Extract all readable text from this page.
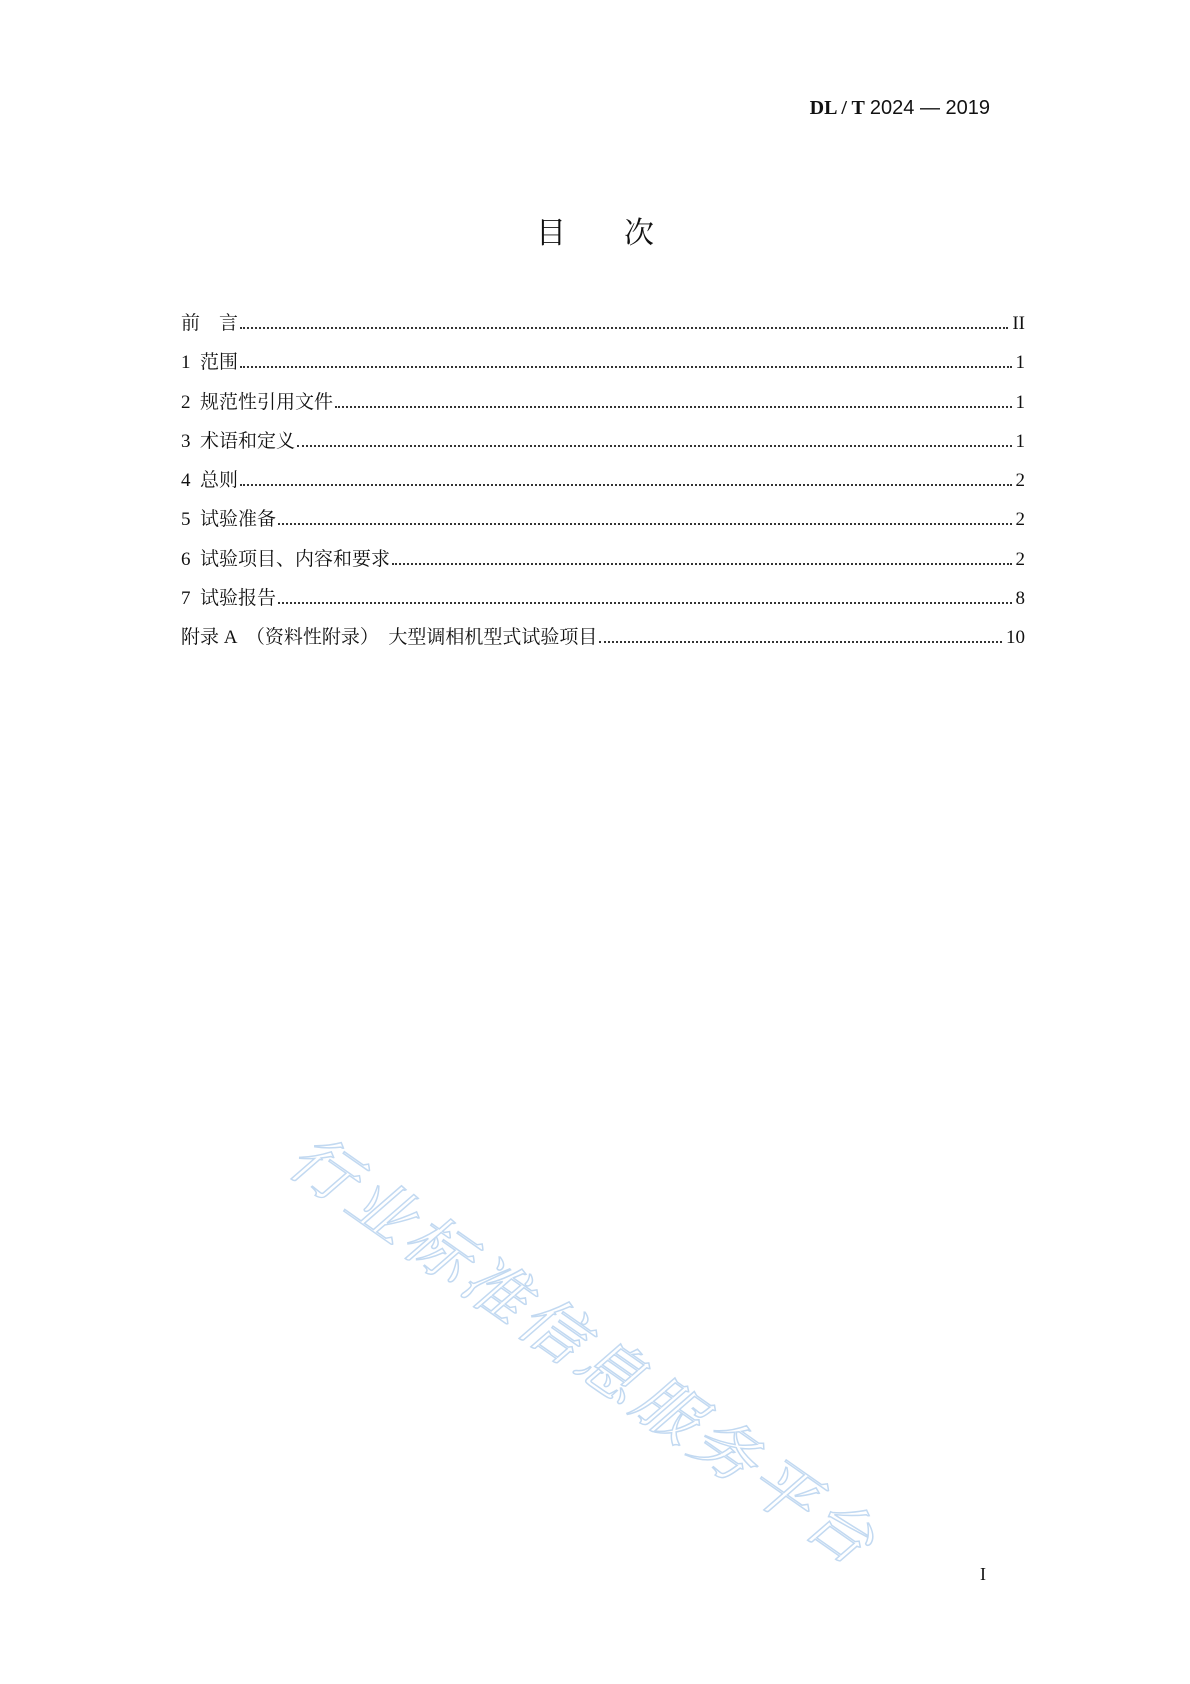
DL / T 2024 — 2019
目次
前　言	II
1  范围	1
2  规范性引用文件	1
3  术语和定义	1
4  总则	2
5  试验准备	2
6  试验项目、内容和要求	2
7  试验报告	8
附录 A　（资料性附录）　大型调相机型式试验项目	10
行业标准信息服务平台	I
